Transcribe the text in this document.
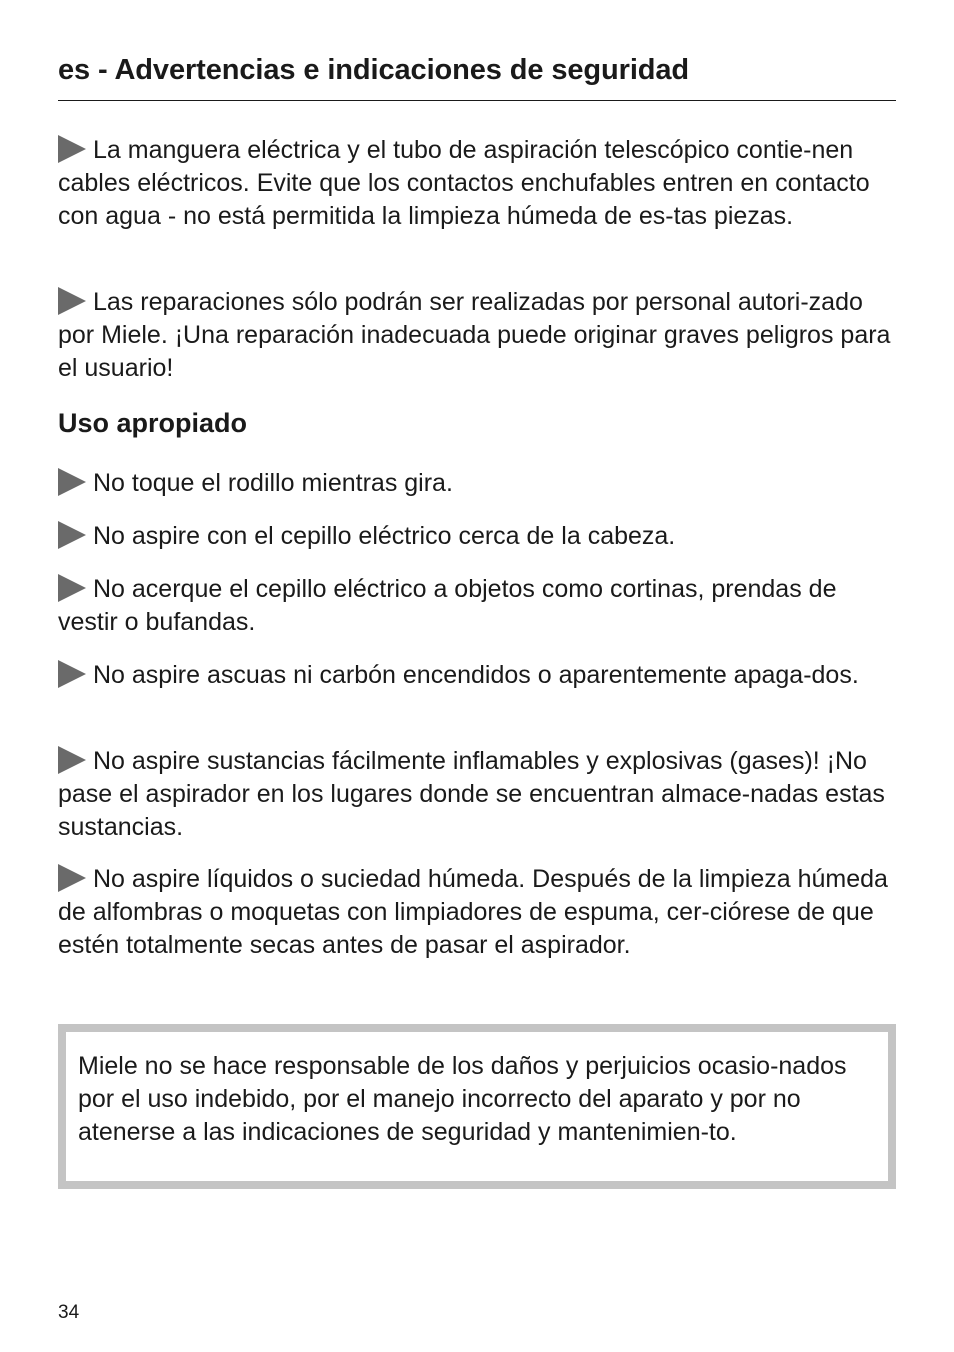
es - Advertencias e indicaciones de seguridad

La manguera eléctrica y el tubo de aspiración telescópico contie-nen cables eléctricos. Evite que los contactos enchufables entren en contacto con agua - no está permitida la limpieza húmeda de es-tas piezas.

Las reparaciones sólo podrán ser realizadas por personal autori-zado por Miele. ¡Una reparación inadecuada puede originar graves peligros para el usuario!

Uso apropiado

No toque el rodillo mientras gira.

No aspire con el cepillo eléctrico cerca de la cabeza.

No acerque el cepillo eléctrico a objetos como cortinas, prendas de vestir o bufandas.

No aspire ascuas ni carbón encendidos o aparentemente apaga-dos.

No aspire sustancias fácilmente inflamables y explosivas (gases)! ¡No pase el aspirador en los lugares donde se encuentran almace-nadas estas sustancias.

No aspire líquidos o suciedad húmeda. Después de la limpieza húmeda de alfombras o moquetas con limpiadores de espuma, cer-ciórese de que estén totalmente secas antes de pasar el aspirador.

Miele no se hace responsable de los daños y perjuicios ocasio-nados por el uso indebido, por el manejo incorrecto del aparato y por no atenerse a las indicaciones de seguridad y mantenimien-to.

34
